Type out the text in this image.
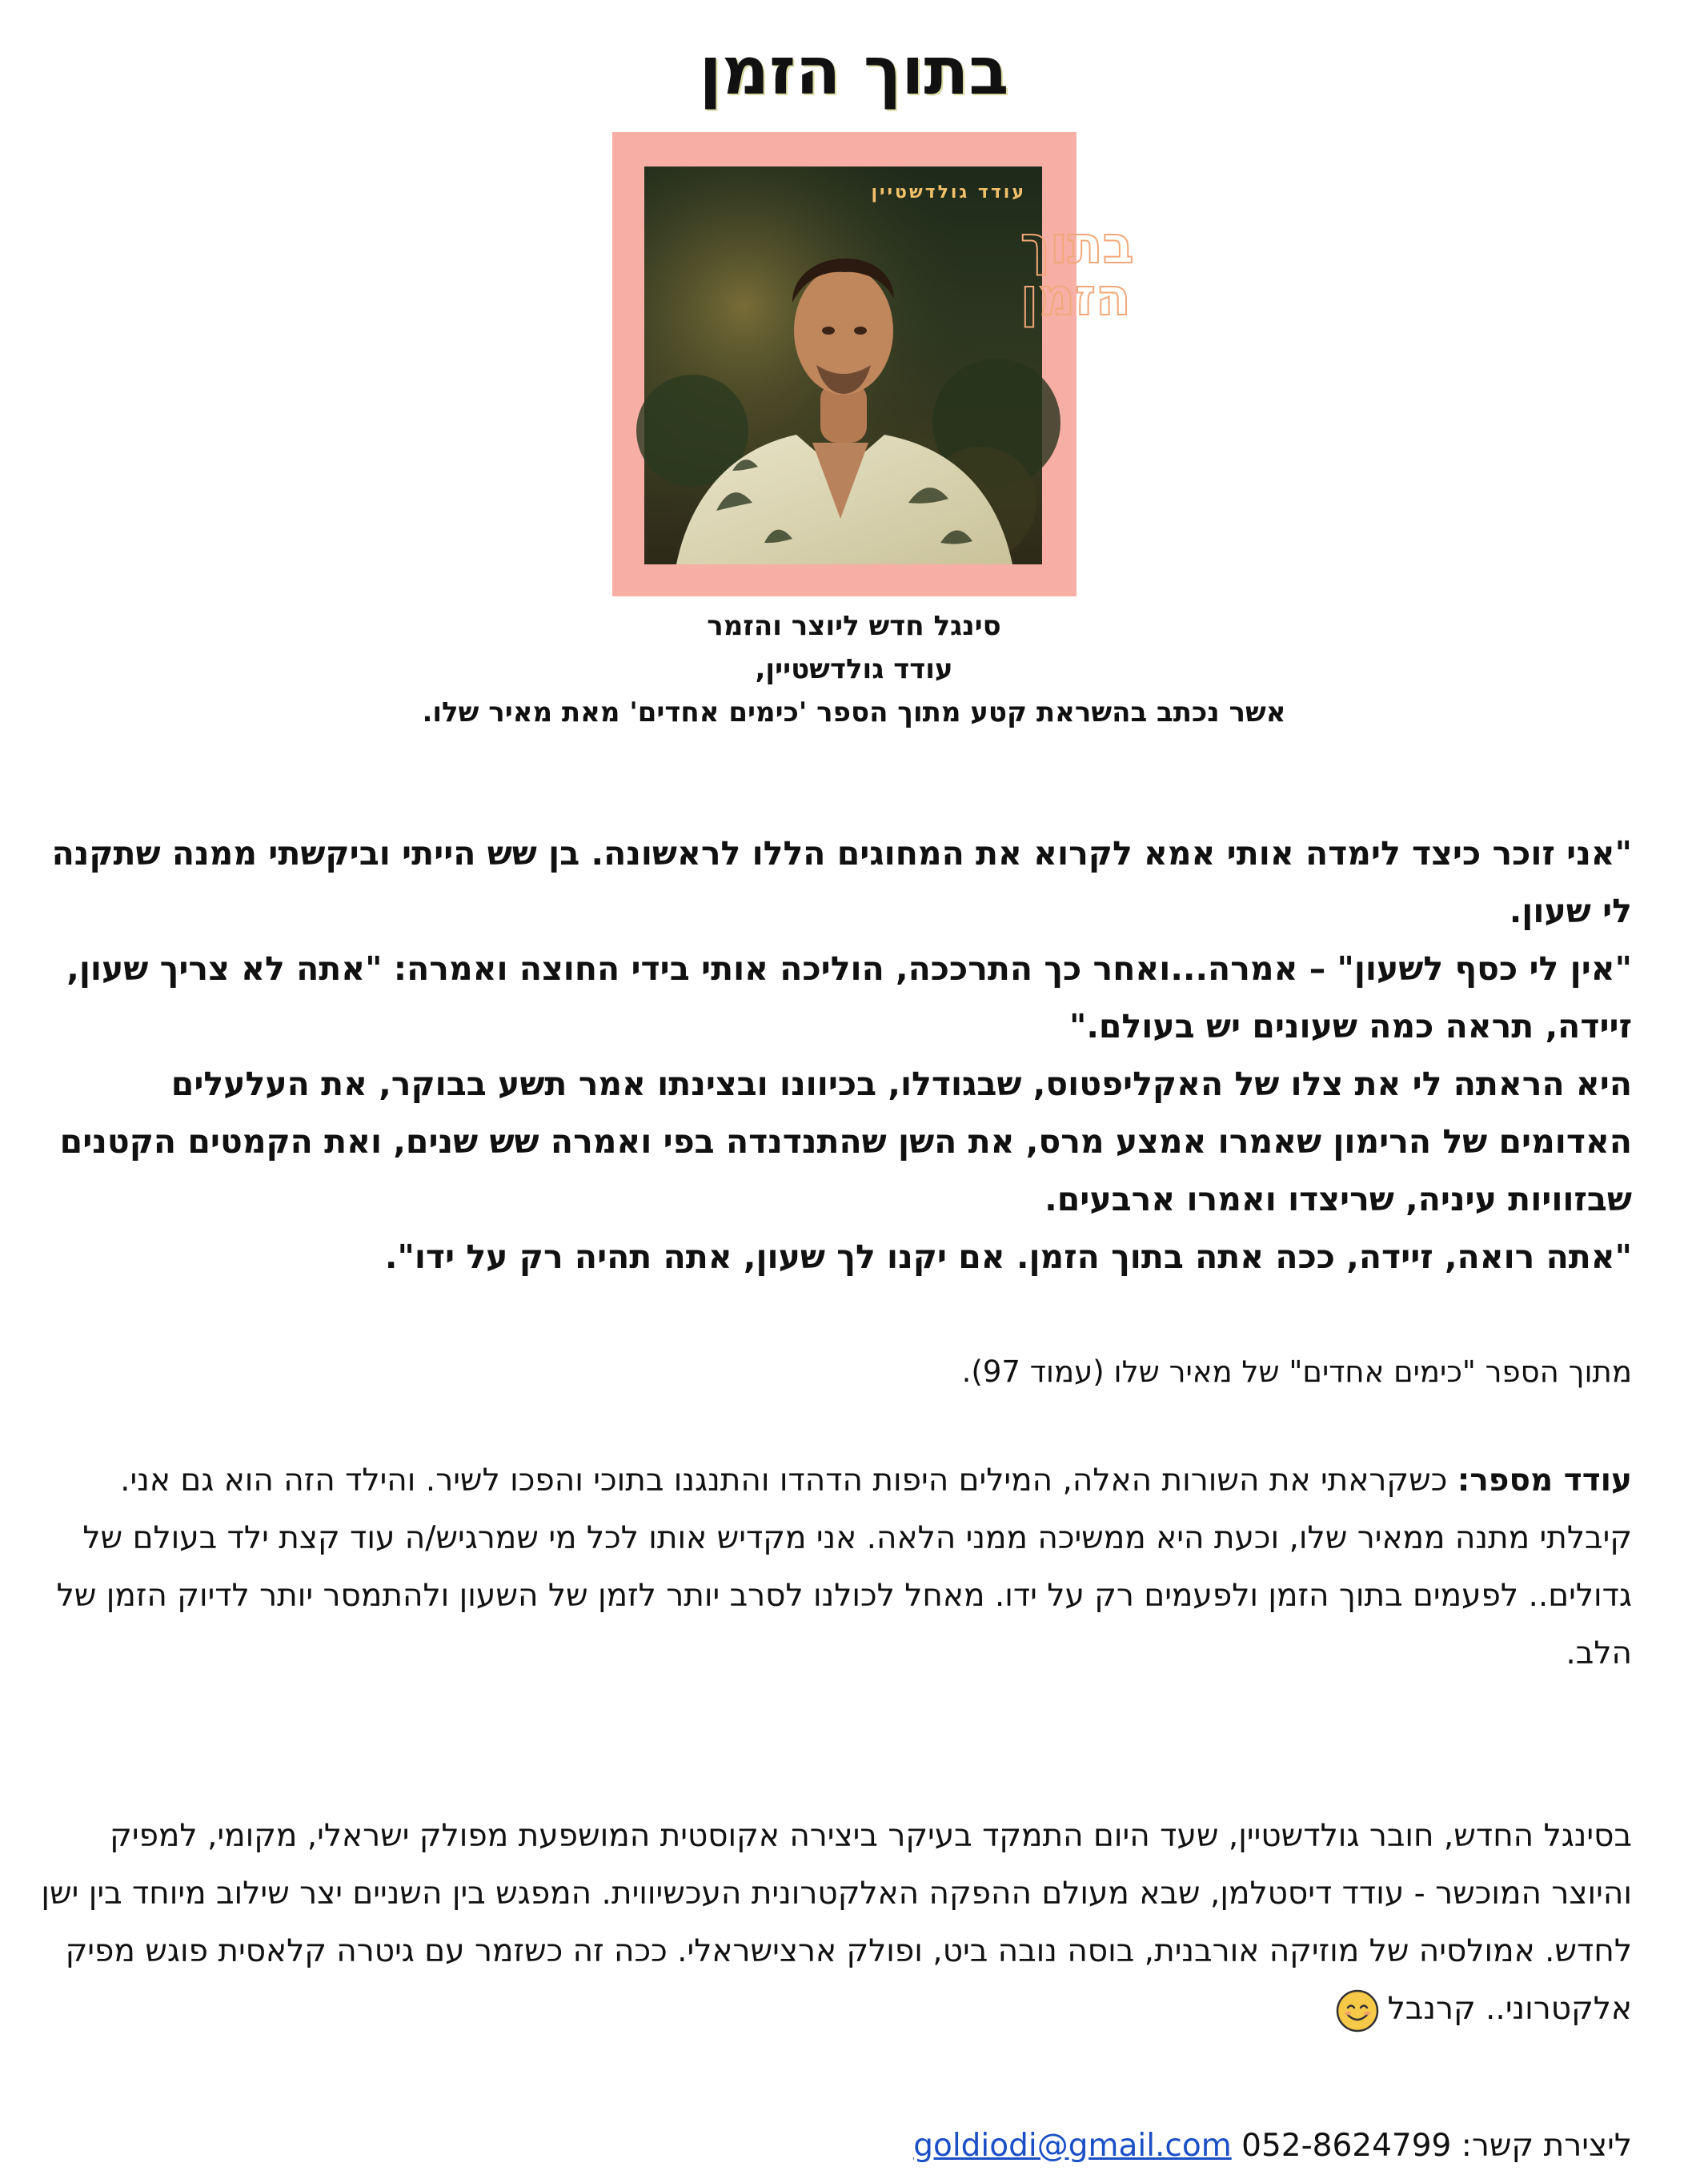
בתוך הזמן
בתוך
הזמן
עודד גולדשטיין
סינגל חדש ליוצר והזמר
עודד גולדשטיין,
אשר נכתב בהשראת קטע מתוך הספר 'כימים אחדים' מאת מאיר שלו.

"אני זוכר כיצד לימדה אותי אמא לקרוא את המחוגים הללו לראשונה. בן שש הייתי וביקשתי ממנה שתקנה לי שעון.

"אין לי כסף לשעון" – אמרה...ואחר כך התרככה, הוליכה אותי בידי החוצה ואמרה: "אתה לא צריך שעון, זיידה, תראה כמה שעונים יש בעולם."

היא הראתה לי את צלו של האקליפטוס, שבגודלו, בכיוונו ובצינתו אמר תשע בבוקר, את העלעלים האדומים של הרימון שאמרו אמצע מרס, את השן שהתנדנדה בפי ואמרה שש שנים, ואת הקמטים הקטנים שבזוויות עיניה, שריצדו ואמרו ארבעים.

"אתה רואה, זיידה, ככה אתה בתוך הזמן. אם יקנו לך שעון, אתה תהיה רק על ידו".

מתוך הספר "כימים אחדים" של מאיר שלו (עמוד 97).
עודד מספר: כשקראתי את השורות האלה, המילים היפות הדהדו והתנגנו בתוכי והפכו לשיר. והילד הזה הוא גם אני. קיבלתי מתנה ממאיר שלו, וכעת היא ממשיכה ממני הלאה. אני מקדיש אותו לכל מי שמרגיש/ה עוד קצת ילד בעולם של גדולים.. לפעמים בתוך הזמן ולפעמים רק על ידו. מאחל לכולנו לסרב יותר לזמן של השעון ולהתמסר יותר לדיוק הזמן של הלב.
בסינגל החדש, חובר גולדשטיין, שעד היום התמקד בעיקר ביצירה אקוסטית המושפעת מפולק ישראלי, מקומי, למפיק והיוצר המוכשר - עודד דיסטלמן, שבא מעולם ההפקה האלקטרונית העכשיווית. המפגש בין השניים יצר שילוב מיוחד בין ישן לחדש. אמולסיה של מוזיקה אורבנית, בוסה נובה ביט, ופולק ארצישראלי. ככה זה כשזמר עם גיטרה קלאסית פוגש מפיק אלקטרוני.. קרנבל
ליצירת קשר: 052-8624799 goldiodi@gmail.com
